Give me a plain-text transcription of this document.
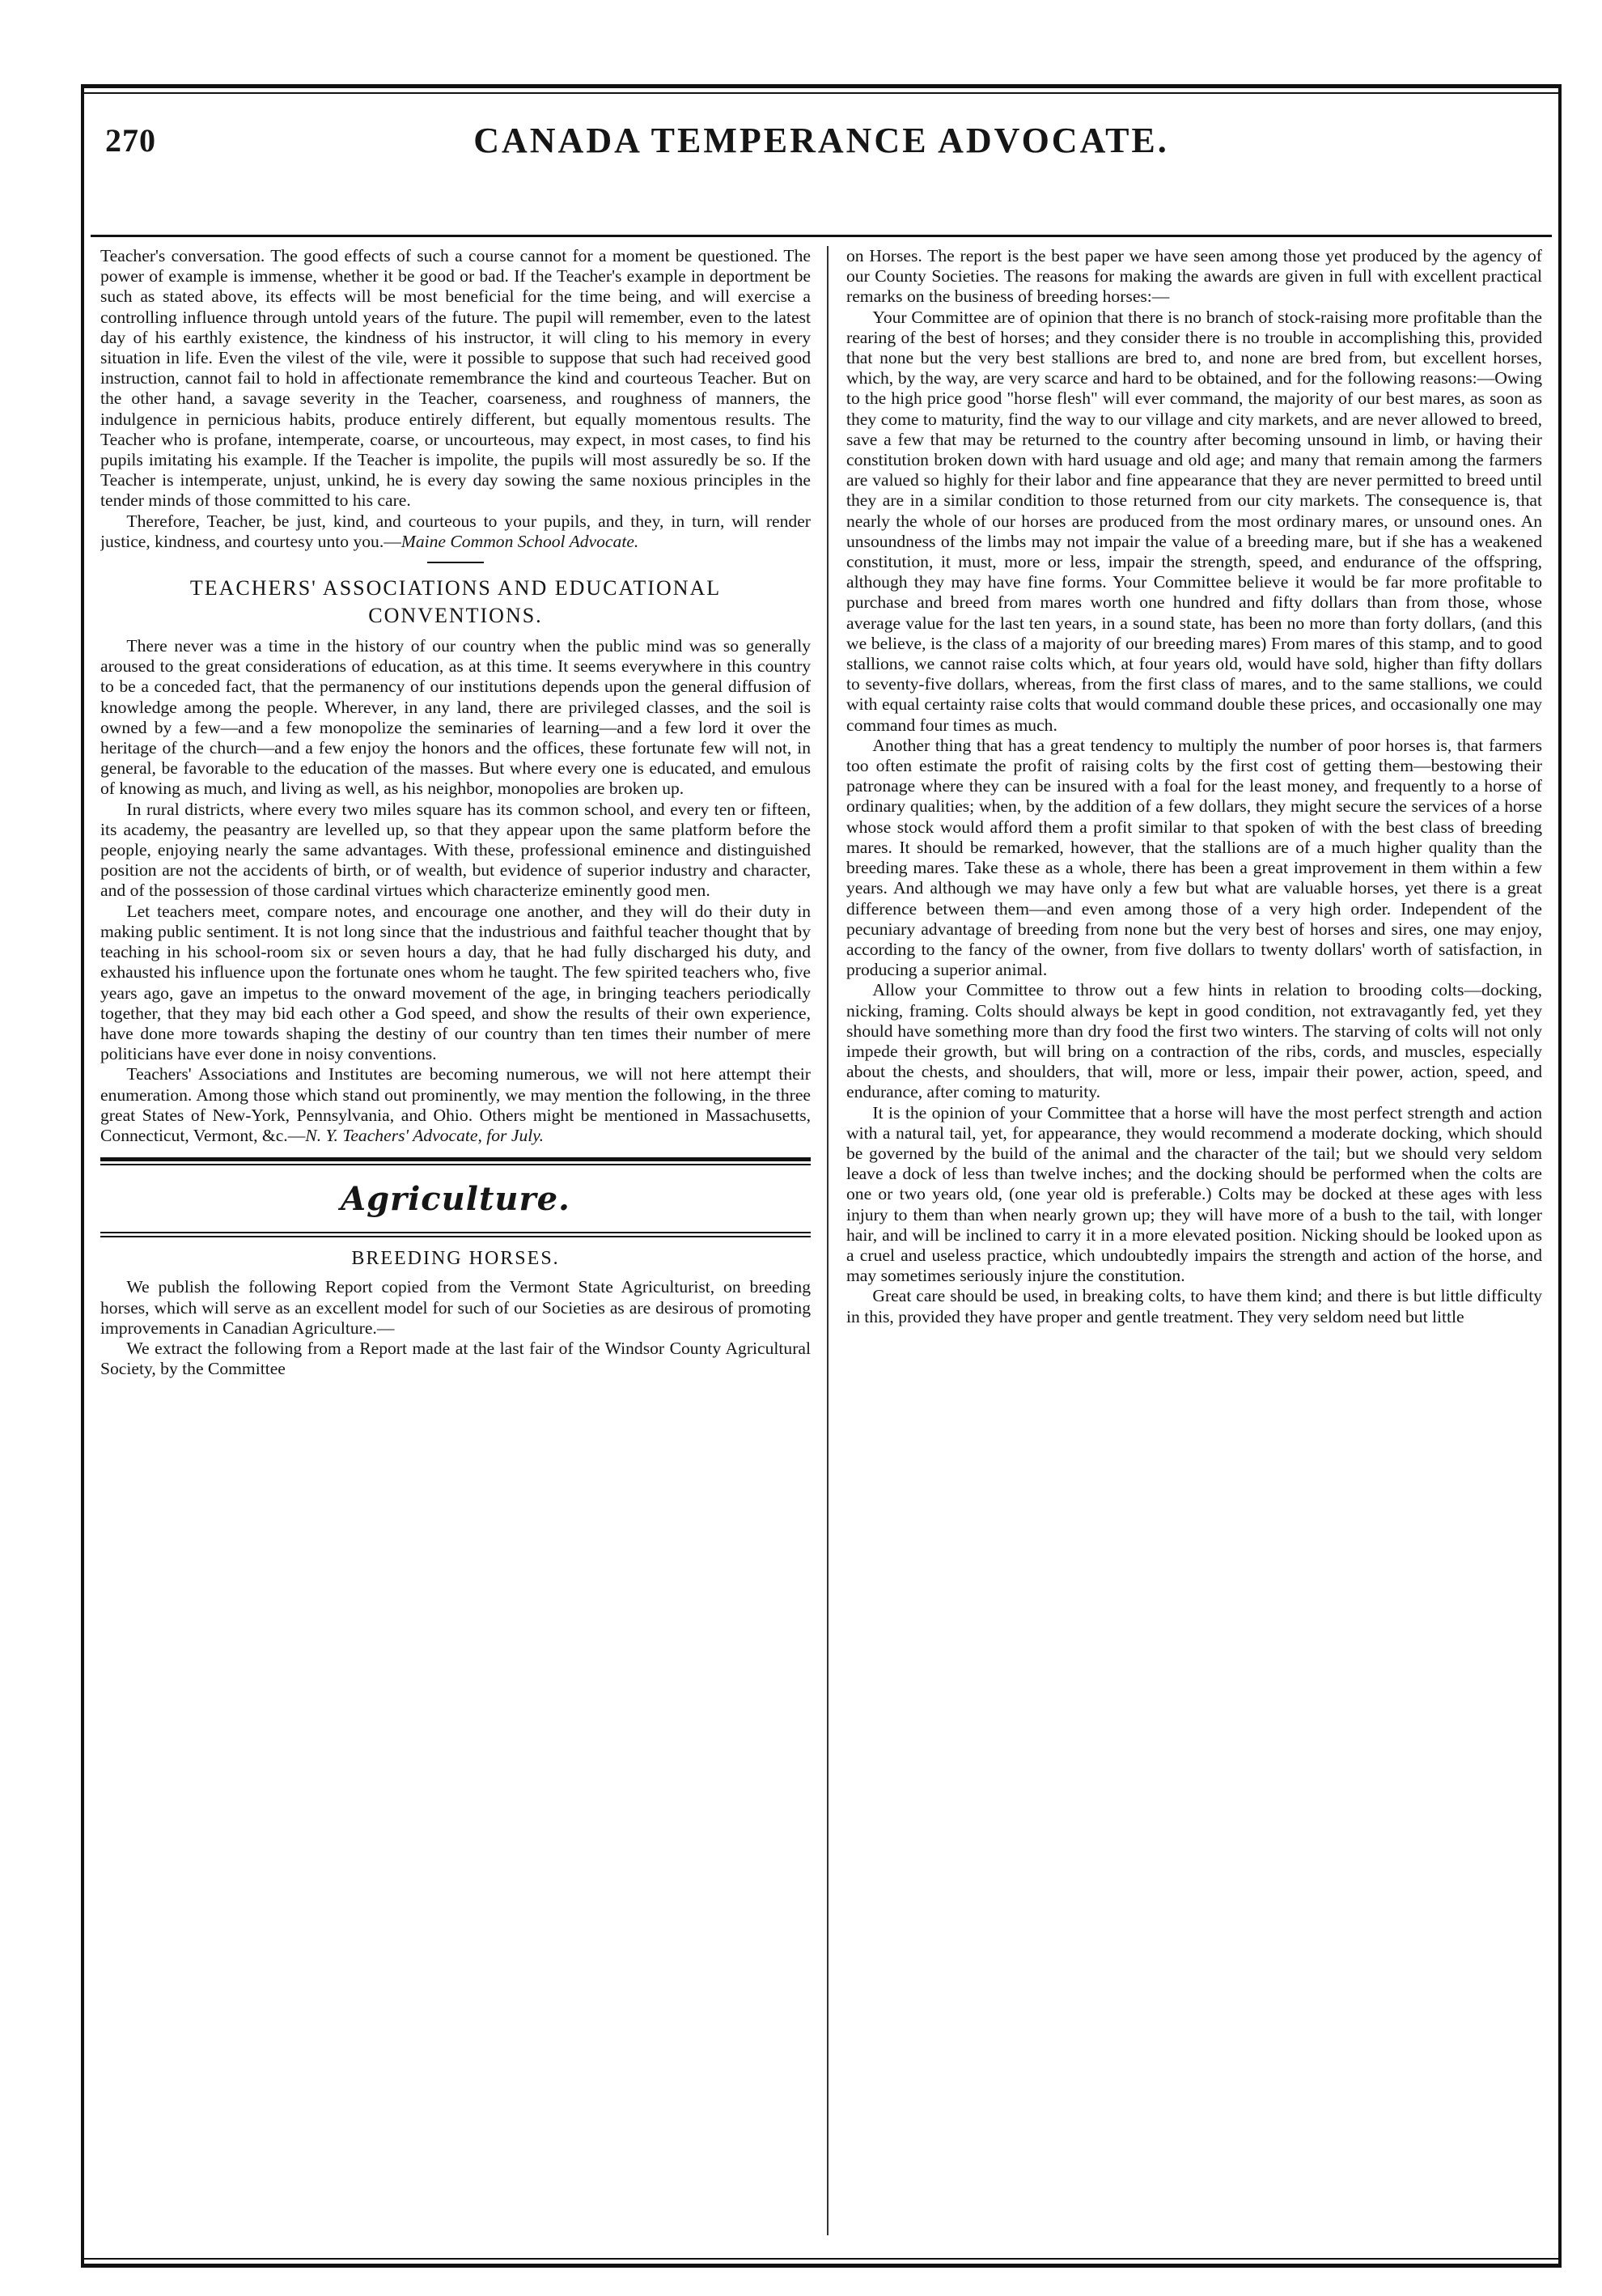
270	CANADA TEMPERANCE ADVOCATE.

Teacher's conversation. The good effects of such a course cannot for a moment be questioned. The power of example is immense, whether it be good or bad. If the Teacher's example in deportment be such as stated above, its effects will be most beneficial for the time being, and will exercise a controlling influence through untold years of the future. The pupil will remember, even to the latest day of his earthly existence, the kindness of his instructor, it will cling to his memory in every situation in life. Even the vilest of the vile, were it possible to suppose that such had received good instruction, cannot fail to hold in affectionate remembrance the kind and courteous Teacher. But on the other hand, a savage severity in the Teacher, coarseness, and roughness of manners, the indulgence in pernicious habits, produce entirely different, but equally momentous results. The Teacher who is profane, intemperate, coarse, or uncourteous, may expect, in most cases, to find his pupils imitating his example. If the Teacher is impolite, the pupils will most assuredly be so. If the Teacher is intemperate, unjust, unkind, he is every day sowing the same noxious principles in the tender minds of those committed to his care.

Therefore, Teacher, be just, kind, and courteous to your pupils, and they, in turn, will render justice, kindness, and courtesy unto you.—Maine Common School Advocate.

TEACHERS' ASSOCIATIONS AND EDUCATIONAL CONVENTIONS.

There never was a time in the history of our country when the public mind was so generally aroused to the great considerations of education, as at this time. It seems everywhere in this country to be a conceded fact, that the permanency of our institutions depends upon the general diffusion of knowledge among the people. Wherever, in any land, there are privileged classes, and the soil is owned by a few—and a few monopolize the seminaries of learning—and a few lord it over the heritage of the church—and a few enjoy the honors and the offices, these fortunate few will not, in general, be favorable to the education of the masses. But where every one is educated, and emulous of knowing as much, and living as well, as his neighbor, monopolies are broken up.

In rural districts, where every two miles square has its common school, and every ten or fifteen, its academy, the peasantry are levelled up, so that they appear upon the same platform before the people, enjoying nearly the same advantages. With these, professional eminence and distinguished position are not the accidents of birth, or of wealth, but evidence of superior industry and character, and of the possession of those cardinal virtues which characterize eminently good men.

Let teachers meet, compare notes, and encourage one another, and they will do their duty in making public sentiment. It is not long since that the industrious and faithful teacher thought that by teaching in his school-room six or seven hours a day, that he had fully discharged his duty, and exhausted his influence upon the fortunate ones whom he taught. The few spirited teachers who, five years ago, gave an impetus to the onward movement of the age, in bringing teachers periodically together, that they may bid each other a God speed, and show the results of their own experience, have done more towards shaping the destiny of our country than ten times their number of mere politicians have ever done in noisy conventions.

Teachers' Associations and Institutes are becoming numerous, we will not here attempt their enumeration. Among those which stand out prominently, we may mention the following, in the three great States of New-York, Pennsylvania, and Ohio. Others might be mentioned in Massachusetts, Connecticut, Vermont, &c.—N. Y. Teachers' Advocate, for July.

Agriculture.
BREEDING HORSES.

We publish the following Report copied from the Vermont State Agriculturist, on breeding horses, which will serve as an excellent model for such of our Societies as are desirous of promoting improvements in Canadian Agriculture.—

We extract the following from a Report made at the last fair of the Windsor County Agricultural Society, by the Committee

on Horses. The report is the best paper we have seen among those yet produced by the agency of our County Societies. The reasons for making the awards are given in full with excellent practical remarks on the business of breeding horses:—

Your Committee are of opinion that there is no branch of stock-raising more profitable than the rearing of the best of horses; and they consider there is no trouble in accomplishing this, provided that none but the very best stallions are bred to, and none are bred from, but excellent horses, which, by the way, are very scarce and hard to be obtained, and for the following reasons:—Owing to the high price good "horse flesh" will ever command, the majority of our best mares, as soon as they come to maturity, find the way to our village and city markets, and are never allowed to breed, save a few that may be returned to the country after becoming unsound in limb, or having their constitution broken down with hard usuage and old age; and many that remain among the farmers are valued so highly for their labor and fine appearance that they are never permitted to breed until they are in a similar condition to those returned from our city markets. The consequence is, that nearly the whole of our horses are produced from the most ordinary mares, or unsound ones. An unsoundness of the limbs may not impair the value of a breeding mare, but if she has a weakened constitution, it must, more or less, impair the strength, speed, and endurance of the offspring, although they may have fine forms. Your Committee believe it would be far more profitable to purchase and breed from mares worth one hundred and fifty dollars than from those, whose average value for the last ten years, in a sound state, has been no more than forty dollars, (and this we believe, is the class of a majority of our breeding mares) From mares of this stamp, and to good stallions, we cannot raise colts which, at four years old, would have sold, higher than fifty dollars to seventy-five dollars, whereas, from the first class of mares, and to the same stallions, we could with equal certainty raise colts that would command double these prices, and occasionally one may command four times as much.

Another thing that has a great tendency to multiply the number of poor horses is, that farmers too often estimate the profit of raising colts by the first cost of getting them—bestowing their patronage where they can be insured with a foal for the least money, and frequently to a horse of ordinary qualities; when, by the addition of a few dollars, they might secure the services of a horse whose stock would afford them a profit similar to that spoken of with the best class of breeding mares. It should be remarked, however, that the stallions are of a much higher quality than the breeding mares. Take these as a whole, there has been a great improvement in them within a few years. And although we may have only a few but what are valuable horses, yet there is a great difference between them—and even among those of a very high order. Independent of the pecuniary advantage of breeding from none but the very best of horses and sires, one may enjoy, according to the fancy of the owner, from five dollars to twenty dollars' worth of satisfaction, in producing a superior animal.

Allow your Committee to throw out a few hints in relation to brooding colts—docking, nicking, framing. Colts should always be kept in good condition, not extravagantly fed, yet they should have something more than dry food the first two winters. The starving of colts will not only impede their growth, but will bring on a contraction of the ribs, cords, and muscles, especially about the chests, and shoulders, that will, more or less, impair their power, action, speed, and endurance, after coming to maturity.

It is the opinion of your Committee that a horse will have the most perfect strength and action with a natural tail, yet, for appearance, they would recommend a moderate docking, which should be governed by the build of the animal and the character of the tail; but we should very seldom leave a dock of less than twelve inches; and the docking should be performed when the colts are one or two years old, (one year old is preferable.) Colts may be docked at these ages with less injury to them than when nearly grown up; they will have more of a bush to the tail, with longer hair, and will be inclined to carry it in a more elevated position. Nicking should be looked upon as a cruel and useless practice, which undoubtedly impairs the strength and action of the horse, and may sometimes seriously injure the constitution.

Great care should be used, in breaking colts, to have them kind; and there is but little difficulty in this, provided they have proper and gentle treatment. They very seldom need but little
